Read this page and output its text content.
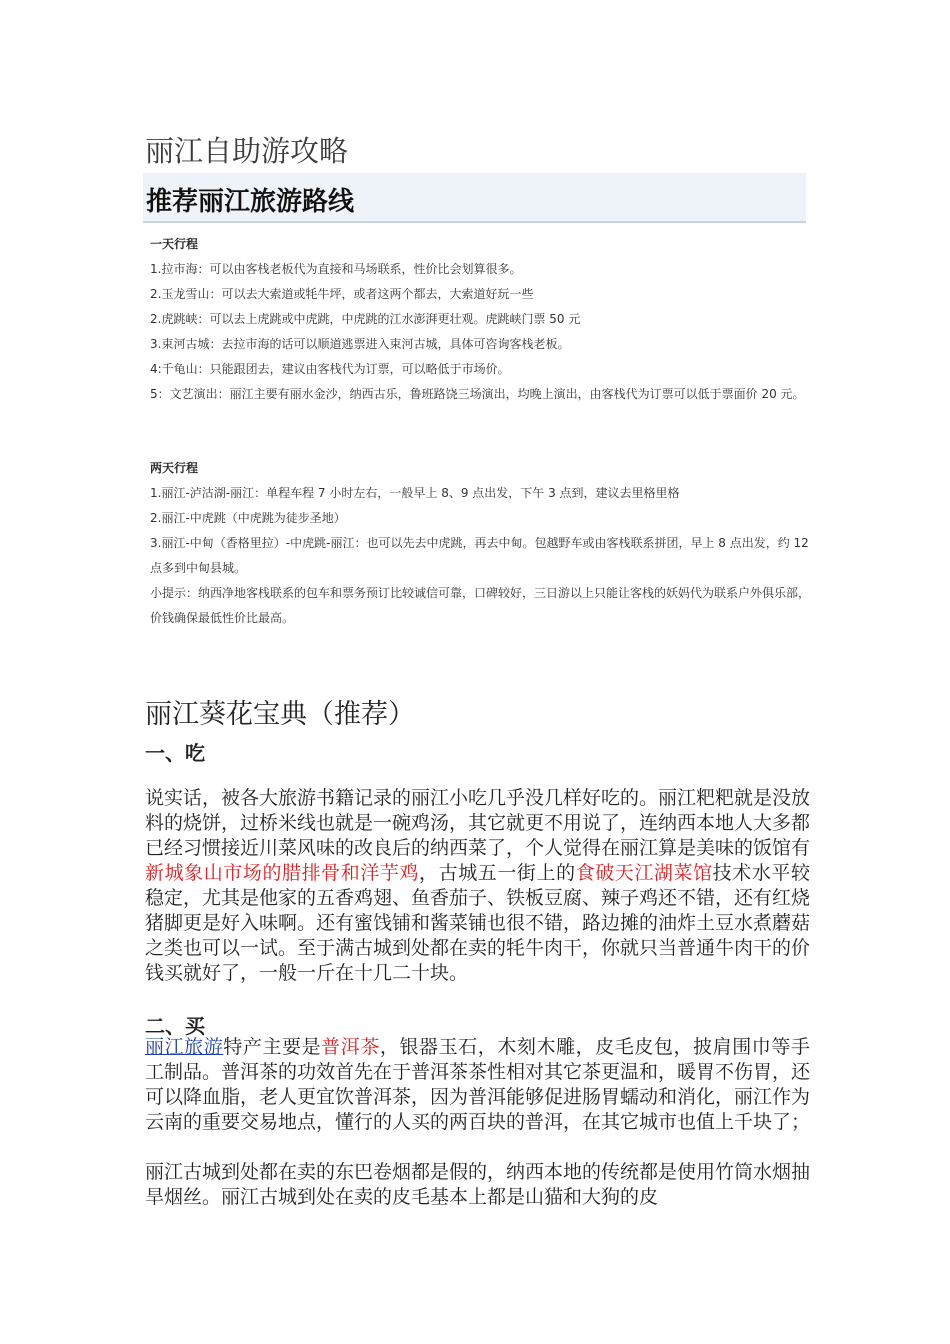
丽江自助游攻略
推荐丽江旅游路线
一天行程
1.拉市海：可以由客栈老板代为直接和马场联系，性价比会划算很多。
2.玉龙雪山：可以去大索道或牦牛坪，或者这两个都去，大索道好玩一些
2.虎跳峡：可以去上虎跳或中虎跳，中虎跳的江水澎湃更壮观。虎跳峡门票 50 元
3.束河古城：去拉市海的话可以顺道逃票进入束河古城，具体可咨询客栈老板。
4:千龟山：只能跟团去，建议由客栈代为订票，可以略低于市场价。
5：文艺演出：丽江主要有丽水金沙，纳西古乐，鲁班路饶三场演出，均晚上演出，由客栈代为订票可以低于票面价 20 元。
两天行程
1.丽江-泸沽湖-丽江：单程车程 7 小时左右，一般早上 8、9 点出发，下午 3 点到，建议去里格里格
2.丽江-中虎跳（中虎跳为徒步圣地）
3.丽江-中甸（香格里拉）-中虎跳-丽江：也可以先去中虎跳，再去中甸。包越野车或由客栈联系拼团，早上 8 点出发，约 12 点多到中甸县城。
小提示：纳西净地客栈联系的包车和票务预订比较诚信可靠，口碑较好，三日游以上只能让客栈的妖妈代为联系户外俱乐部，价钱确保最低性价比最高。
丽江葵花宝典（推荐）
一、吃
说实话，被各大旅游书籍记录的丽江小吃几乎没几样好吃的。丽江粑粑就是没放料的烧饼，过桥米线也就是一碗鸡汤，其它就更不用说了，连纳西本地人大多都已经习惯接近川菜风味的改良后的纳西菜了，个人觉得在丽江算是美味的饭馆有新城象山市场的腊排骨和洋芋鸡，古城五一街上的食破天江湖菜馆技术水平较稳定，尤其是他家的五香鸡翅、鱼香茄子、铁板豆腐、辣子鸡还不错，还有红烧猪脚更是好入味啊。还有蜜饯铺和酱菜铺也很不错，路边摊的油炸土豆水煮蘑菇之类也可以一试。至于满古城到处都在卖的牦牛肉干，你就只当普通牛肉干的价钱买就好了，一般一斤在十几二十块。
二、买
丽江旅游特产主要是普洱茶，银器玉石，木刻木雕，皮毛皮包，披肩围巾等手工制品。普洱茶的功效首先在于普洱茶茶性相对其它茶更温和，暖胃不伤胃，还可以降血脂，老人更宜饮普洱茶，因为普洱能够促进肠胃蠕动和消化，丽江作为云南的重要交易地点，懂行的人买的两百块的普洱，在其它城市也值上千块了；
丽江古城到处都在卖的东巴卷烟都是假的，纳西本地的传统都是使用竹筒水烟抽旱烟丝。丽江古城到处在卖的皮毛基本上都是山猫和大狗的皮
